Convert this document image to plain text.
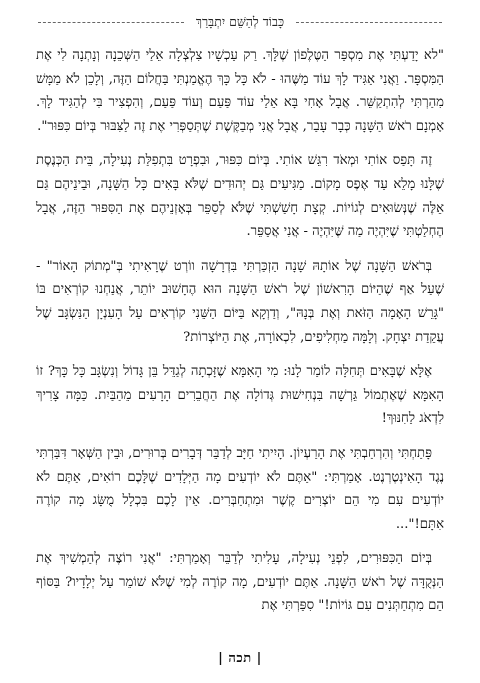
כָּבוֹד לְהַשֵּׁם יִתְבָּרַךְ

"לא יָדַעְתִּי אֶת מִסְפַּר הַטֶּלֶפוֹן שֶׁלָּךְ. רַק עַכְשָׁיו צִלְצְלָה אֵלַי הַשְּׁכֵנָה וְנָתְנָה לִי אֶת הַמִּסְפָּר. וַאֲנִי אַגִּיד לָךְ עוֹד מַשֶּׁהוּ - לֹא כָּל כָּךְ הֶאֱמַנְתִּי בַּחֲלוֹם הַזֶּה, וְלָכֵן לֹא מַמָּשׁ מִהַרְתִּי לְהִתְקַשֵּׁר. אֲבָל אָחִי בָּא אֵלַי עוֹד פַּעַם וְעוֹד פַּעַם, וְהִפְצִיר בִּי לְהַגִּיד לָךְ. אָמְנָם רֹאשׁ הַשָּׁנָה כְּבָר עָבַר, אֲבָל אֲנִי מְבַקֶּשֶׁת שֶׁתְּסַפְּרִי אֶת זֶה לַצִּבּוּר בְּיוֹם כִּפּוּר".

זֶה תָּפַס אוֹתִי וּמְאֹד רִגֵּשׁ אוֹתִי. בְּיוֹם כִּפּוּר, וּבִפְרָט בִּתְפִלַּת נְעִילָה, בֵּית הַכְּנֶסֶת שֶׁלָּנוּ מָלֵא עַד אֶפֶס מָקוֹם. מַגִּיעִים גַּם יְהוּדִים שֶׁלֹּא בָּאִים כָּל הַשָּׁנָה, וּבֵינֵיהֶם גַּם אֵלֶּה שֶׁנְּשׂוּאִים לְגוֹיוֹת. קְצָת חָשַׁשְׁתִּי שֶׁלֹּא לְסַפֵּר בְּאָזְנֵיהֶם אֶת הַסִּפּוּר הַזֶּה, אֲבָל הֶחְלַטְתִּי שֶׁיִּהְיֶה מַה שֶּׁיִּהְיֶה - אֲנִי אֲסַפֵּר.

בְּרֹאשׁ הַשָּׁנָה שֶׁל אוֹתָהּ שָׁנָה הַזְכַּרְתִּי בִּדְרָשָׁה ווֹרְט שֶׁרָאִיתִי בְּ"מְתוֹק הָאוֹר" - שֶׁעַל אַף שֶׁהַיּוֹם הָרִאשׁוֹן שֶׁל רֹאשׁ הַשָּׁנָה הוּא הֶחָשׁוּב יוֹתֵר, אֲנַחְנוּ קוֹרְאִים בּוֹ "גָּרֵשׁ הָאָמָה הַזֹּאת וְאֶת בְּנָהּ", וְדַוְקָא בַּיּוֹם הַשֵּׁנִי קוֹרְאִים עַל הָעִנְיָן הַנִּשְׂגָּב שֶׁל עֲקֵדַת יִצְחָק. וְלָמָּה מַחְלִיפִים, לִכְאוֹרָה, אֶת הַיּוֹצְרוֹת?

אֶלָּא שֶׁבָּאִים תְּחִלָּה לוֹמַר לָנוּ: מִי הָאִמָּא שֶׁזָּכְתָה לְגַדֵּל בֵּן גָּדוֹל וְנִשְׂגָּב כָּל כָּךְ? זוֹ הָאִמָּא שֶׁאֶתְמוֹל גֵּרְשָׁה בִּנְחִישׁוּת גְּדוֹלָה אֶת הַחֲבֵרִים הָרָעִים מֵהַבַּיִת. כַּמָּה צָרִיךְ לִדְאֹג לַחִנּוּךְ!

פָּתַחְתִּי וְהִרְחַבְתִּי אֶת הָרַעְיוֹן. הָיִיתִי חַיָּב לְדַבֵּר דְּבָרִים בְּרוּרִים, וּבֵין הַשְּׁאָר דִּבַּרְתִּי נֶגֶד הָאִינְטֶרְנֶט. אָמַרְתִּי: "אַתֶּם לֹא יוֹדְעִים מָה הַיְּלָדִים שֶׁלָּכֶם רוֹאִים, אַתֶּם לֹא יוֹדְעִים עִם מִי הֵם יוֹצְרִים קֶשֶׁר וּמִתְחַבְּרִים. אֵין לָכֶם בִּכְלָל מֻשָּׂג מָה קוֹרֶה אִתָּם!"...

בְּיוֹם הַכִּפּוּרִים, לִפְנֵי נְעִילָה, עָלִיתִי לְדַבֵּר וְאָמַרְתִּי: "אֲנִי רוֹצֶה לְהַמְשִׁיךְ אֶת הַנְּקֻדָּה שֶׁל רֹאשׁ הַשָּׁנָה. אַתֶּם יוֹדְעִים, מָה קוֹרֶה לְמִי שֶׁלֹּא שׁוֹמֵר עַל יְלָדָיו? בַּסּוֹף הֵם מִתְחַתְּנִים עִם גּוֹיוֹת!" סִפַּרְתִּי אֶת

| תכה |
